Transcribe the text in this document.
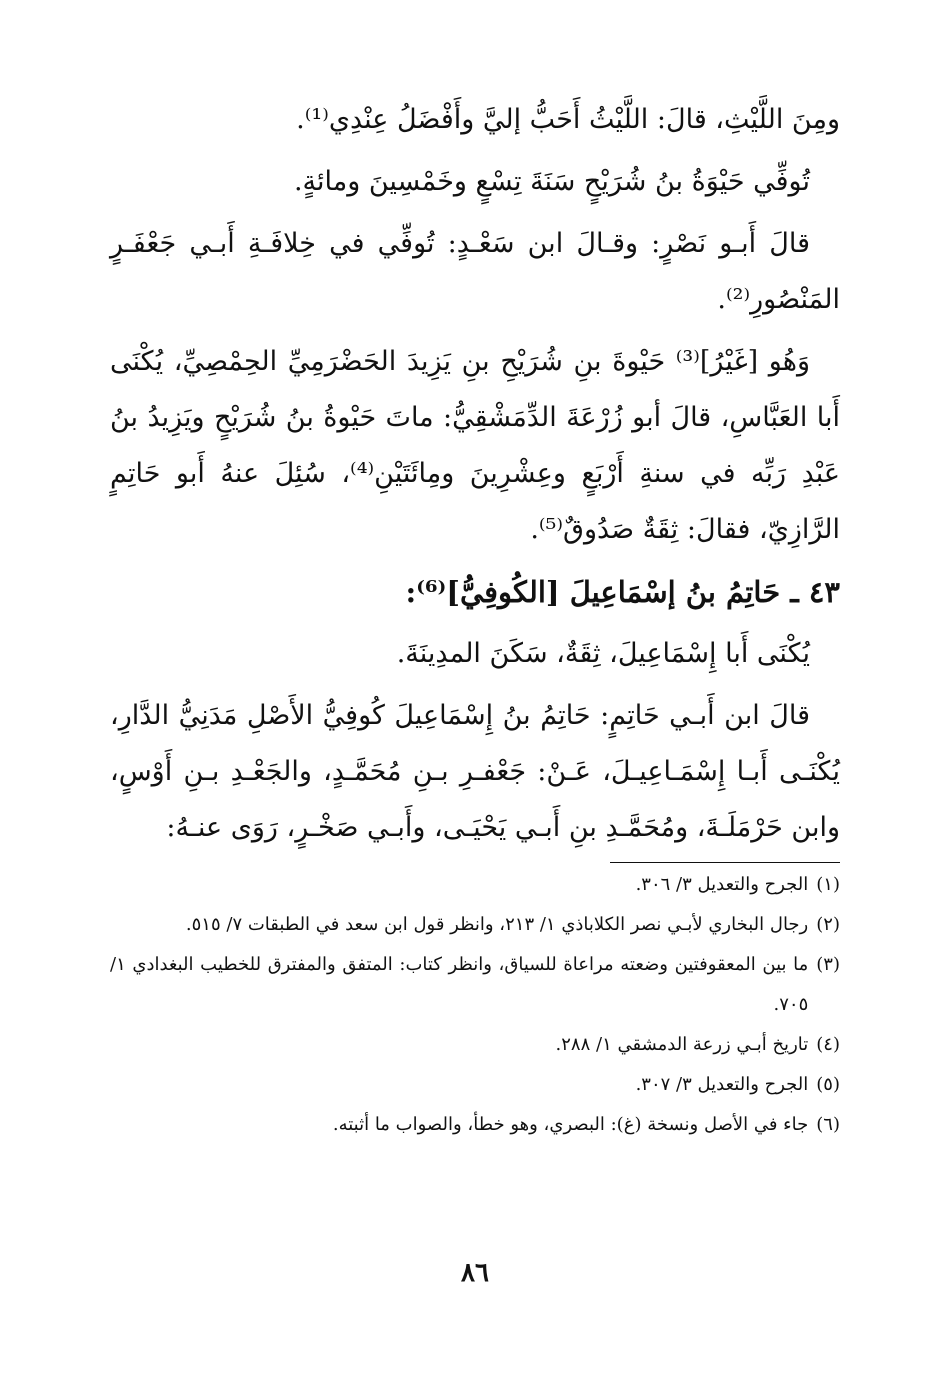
ومِنَ اللَّيْثِ، قالَ: اللَّيْثُ أَحَبُّ إليَّ وأَفْضَلُ عِنْدِي⁽¹⁾.

تُوفِّي حَيْوَةُ بنُ شُرَيْحٍ سَنَةَ تِسْعٍ وخَمْسِينَ ومائةٍ.

قالَ أَبـو نَصْرٍ: وقـالَ ابن سَعْـدٍ: تُوفِّي في خِلافَـةِ أَبـي جَعْفَـرٍ المَنْصُورِ⁽²⁾.

وَهُو [غَيْرُ]⁽³⁾ حَيْوةَ بنِ شُرَيْحِ بنِ يَزِيدَ الحَضْرَمِيِّ الحِمْصِيِّ، يُكْنَى أَبا العَبَّاسِ، قالَ أبو زُرْعَةَ الدِّمَشْقِيُّ: ماتَ حَيْوةُ بنُ شُرَيْحٍ ويَزِيدُ بنُ عَبْدِ رَبِّه في سنةِ أَرْبَعٍ وعِشْرِينَ ومِائَتَيْنِ⁽⁴⁾، سُئِلَ عنهُ أَبو حَاتِمٍ الرَّازِيّ، فقالَ: ثِقَةٌ صَدُوقٌ⁽⁵⁾.

٤٣ ـ حَاتِمُ بنُ إسْمَاعِيلَ [الكُوفِيُّ]⁽⁶⁾:

يُكْنَى أَبا إِسْمَاعِيلَ، ثِقَةٌ، سَكَنَ المدِينَةَ.

قالَ ابن أَبـي حَاتِمٍ: حَاتِمُ بنُ إِسْمَاعِيلَ كُوفِيُّ الأَصْلِ مَدَنِيُّ الدَّارِ، يُكْنَـى أَبـا إِسْمَـاعِيـلَ، عَـنْ: جَعْفـرِ بـنِ مُحَمَّـدٍ، والجَعْـدِ بـنِ أَوْسٍ، وابن حَرْمَلَـةَ، ومُحَمَّـدِ بنِ أَبـي يَحْيَـى، وأَبـي صَخْـرٍ، رَوَى عنـهُ:

(١)
الجرح والتعديل ٣/ ٣٠٦.
(٢)
رجال البخاري لأبـي نصر الكلاباذي ١/ ٢١٣، وانظر قول ابن سعد في الطبقات ٧/ ٥١٥.
(٣)
ما بين المعقوفتين وضعته مراعاة للسياق، وانظر كتاب: المتفق والمفترق للخطيب البغدادي ١/ ٧٠٥.
(٤)
تاريخ أبـي زرعة الدمشقي ١/ ٢٨٨.
(٥)
الجرح والتعديل ٣/ ٣٠٧.
(٦)
جاء في الأصل ونسخة (غ): البصري، وهو خطأ، والصواب ما أثبته.
٨٦
